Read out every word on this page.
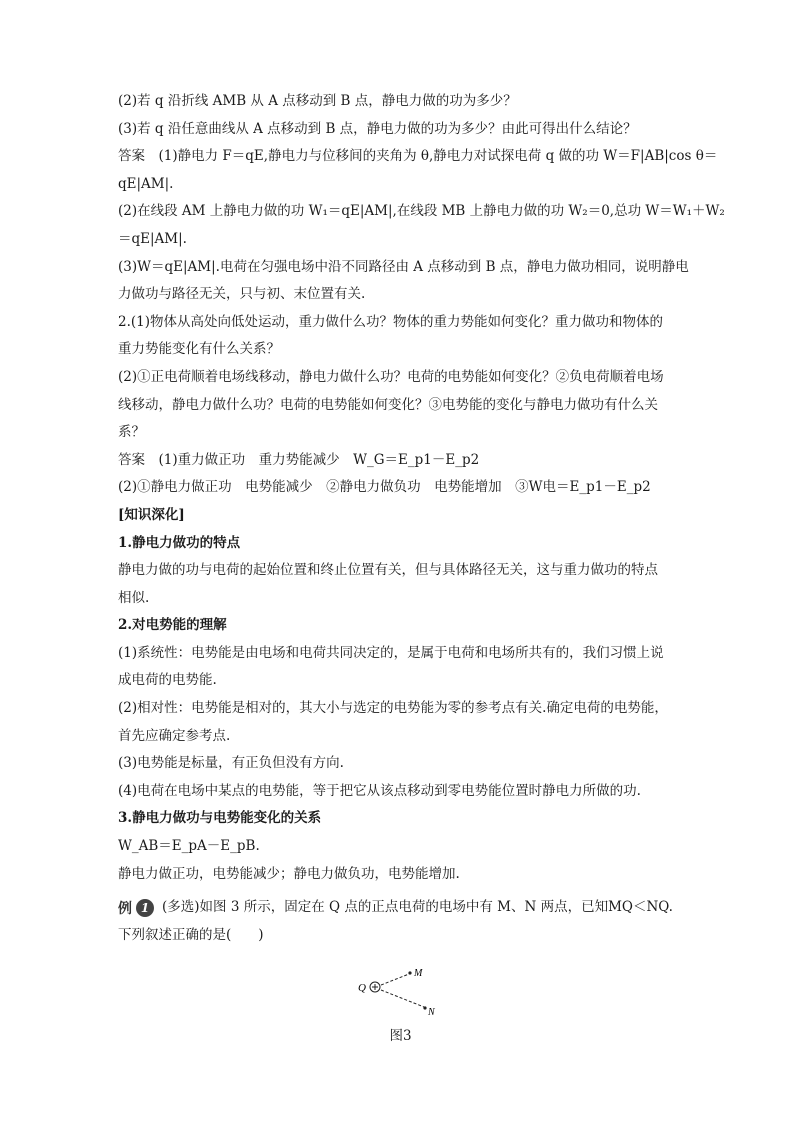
(2)若 q 沿折线 AMB 从 A 点移动到 B 点，静电力做的功为多少？
(3)若 q 沿任意曲线从 A 点移动到 B 点，静电力做的功为多少？由此可得出什么结论？
答案　(1)静电力 F＝qE,静电力与位移间的夹角为 θ,静电力对试探电荷 q 做的功 W＝F|AB|cos θ＝
qE|AM|.
(2)在线段 AM 上静电力做的功 W₁＝qE|AM|,在线段 MB 上静电力做的功 W₂＝0,总功 W＝W₁＋W₂
＝qE|AM|.
(3)W＝qE|AM|.电荷在匀强电场中沿不同路径由 A 点移动到 B 点，静电力做功相同，说明静电
力做功与路径无关，只与初、末位置有关.
2.(1)物体从高处向低处运动，重力做什么功？物体的重力势能如何变化？重力做功和物体的
重力势能变化有什么关系？
(2)①正电荷顺着电场线移动，静电力做什么功？电荷的电势能如何变化？②负电荷顺着电场
线移动，静电力做什么功？电荷的电势能如何变化？③电势能的变化与静电力做功有什么关
系？
答案　(1)重力做正功　重力势能减少　W_G＝E_p1－E_p2
(2)①静电力做正功　电势能减少　②静电力做负功　电势能增加　③W电＝E_p1－E_p2
[知识深化]
1.静电力做功的特点
静电力做的功与电荷的起始位置和终止位置有关，但与具体路径无关，这与重力做功的特点
相似.
2.对电势能的理解
(1)系统性：电势能是由电场和电荷共同决定的，是属于电荷和电场所共有的，我们习惯上说
成电荷的电势能.
(2)相对性：电势能是相对的，其大小与选定的电势能为零的参考点有关.确定电荷的电势能，
首先应确定参考点.
(3)电势能是标量，有正负但没有方向.
(4)电荷在电场中某点的电势能，等于把它从该点移动到零电势能位置时静电力所做的功.
3.静电力做功与电势能变化的关系
W_AB＝E_pA－E_pB.
静电力做正功，电势能减少；静电力做负功，电势能增加.
例 1 (多选)如图 3 所示，固定在 Q 点的正点电荷的电场中有 M、N 两点，已知MQ＜NQ.
下列叙述正确的是(　　)
Q
M
N
图3
